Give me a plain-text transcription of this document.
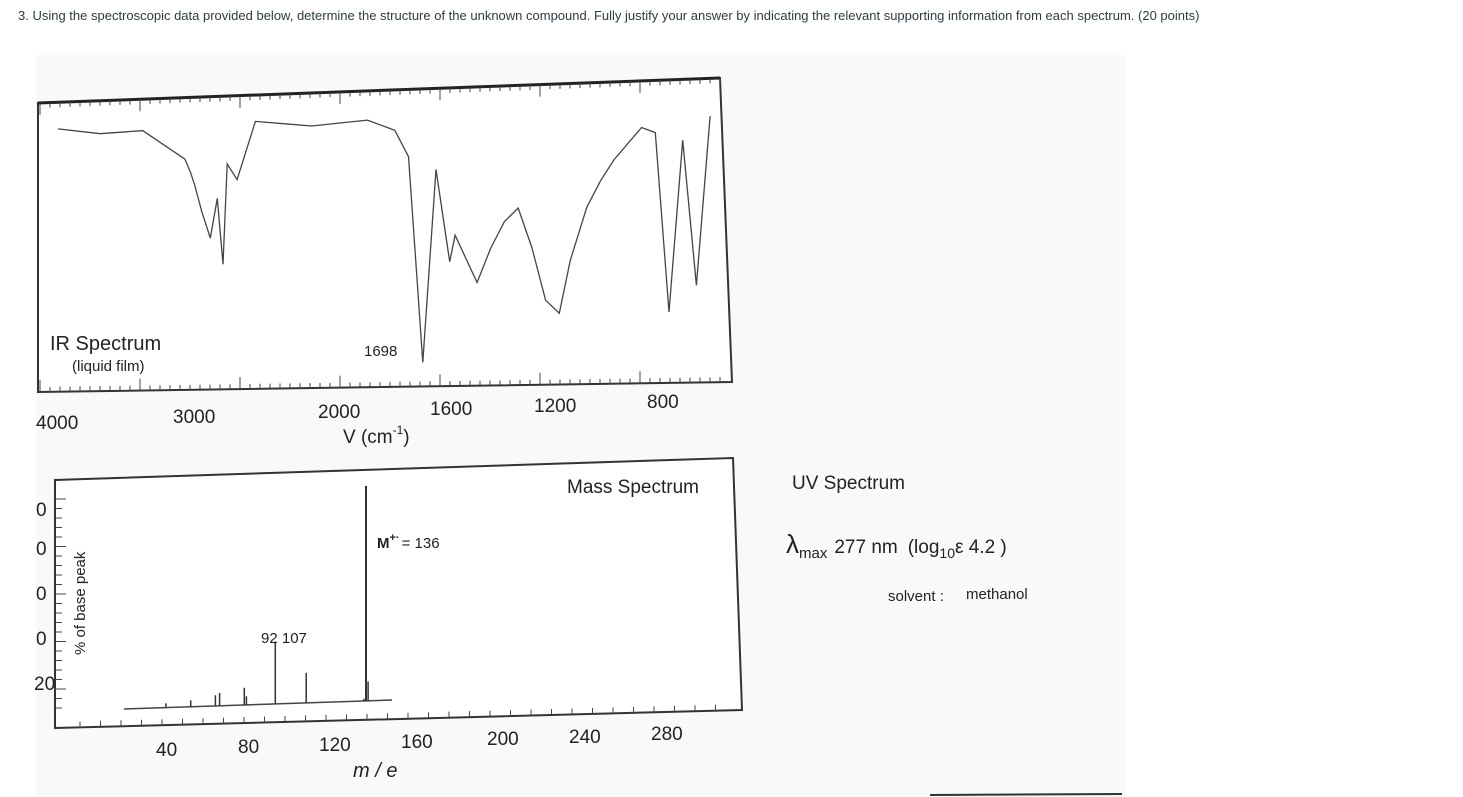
3. Using the spectroscopic data provided below, determine the structure of the unknown compound. Fully justify your answer by indicating the relevant supporting information from each spectrum. (20 points)
4000	3000	2000	1600	1200	800
IR Spectrum
(liquid film)
1698
V $(cm^{-1})$
40	80	120	160	200	240	280
0
0
0
0
20
Mass Spectrum
% of base peak
M+· = 136
92 107
m / e
UV Spectrum
$\lambda_{max}$ 277 nm ($\log_{10}\varepsilon$ 4.2 )
solvent : methanol
